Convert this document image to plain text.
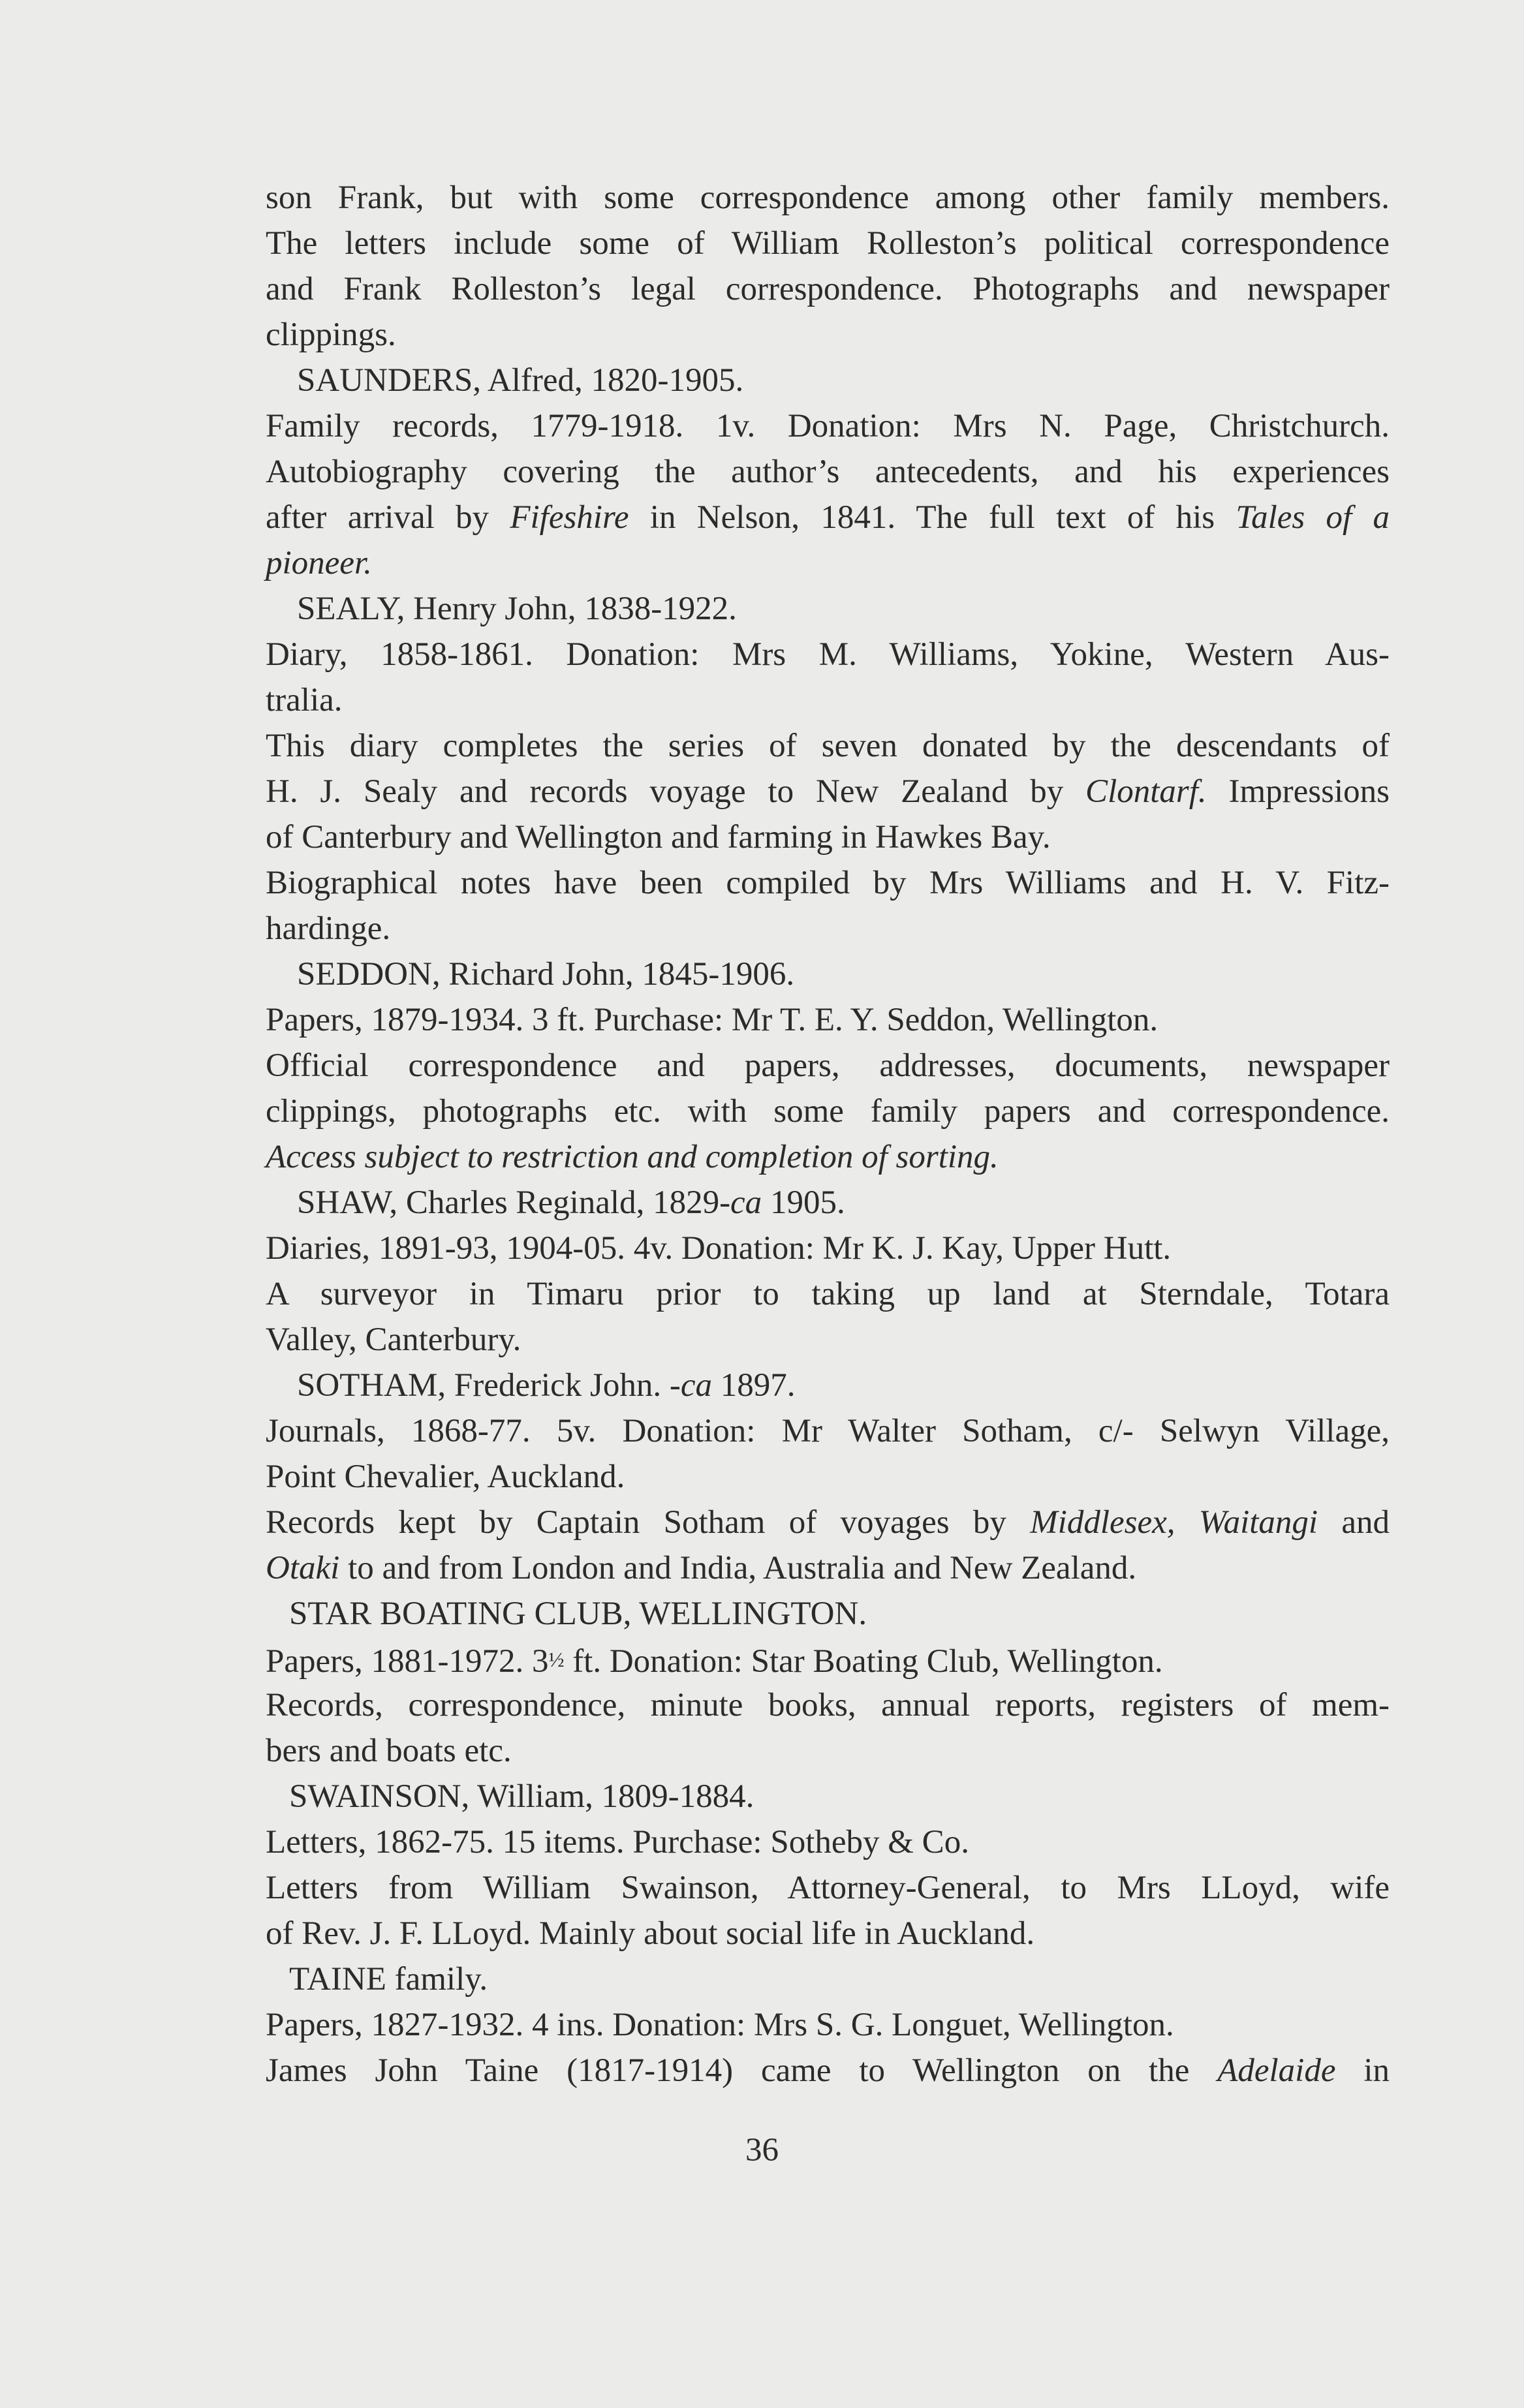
son Frank, but with some correspondence among other family members.
The letters include some of William Rolleston’s political correspondence
and Frank Rolleston’s legal correspondence. Photographs and newspaper
clippings.
SAUNDERS, Alfred, 1820-1905.
Family records, 1779-1918. 1v. Donation: Mrs N. Page, Christchurch.
Autobiography covering the author’s antecedents, and his experiences
after arrival by Fifeshire in Nelson, 1841. The full text of his Tales of a
pioneer.
SEALY, Henry John, 1838-1922.
Diary, 1858-1861. Donation: Mrs M. Williams, Yokine, Western Aus-
tralia.
This diary completes the series of seven donated by the descendants of
H. J. Sealy and records voyage to New Zealand by Clontarf. Impressions
of Canterbury and Wellington and farming in Hawkes Bay.
Biographical notes have been compiled by Mrs Williams and H. V. Fitz-
hardinge.
SEDDON, Richard John, 1845-1906.
Papers, 1879-1934. 3 ft. Purchase: Mr T. E. Y. Seddon, Wellington.
Official correspondence and papers, addresses, documents, newspaper
clippings, photographs etc. with some family papers and correspondence.
Access subject to restriction and completion of sorting.
SHAW, Charles Reginald, 1829-ca 1905.
Diaries, 1891-93, 1904-05. 4v. Donation: Mr K. J. Kay, Upper Hutt.
A surveyor in Timaru prior to taking up land at Sterndale, Totara
Valley, Canterbury.
SOTHAM, Frederick John. -ca 1897.
Journals, 1868-77. 5v. Donation: Mr Walter Sotham, c/- Selwyn Village,
Point Chevalier, Auckland.
Records kept by Captain Sotham of voyages by Middlesex, Waitangi and
Otaki to and from London and India, Australia and New Zealand.
STAR BOATING CLUB, WELLINGTON.
Papers, 1881-1972. 3½ ft. Donation: Star Boating Club, Wellington.
Records, correspondence, minute books, annual reports, registers of mem-
bers and boats etc.
SWAINSON, William, 1809-1884.
Letters, 1862-75. 15 items. Purchase: Sotheby & Co.
Letters from William Swainson, Attorney-General, to Mrs LLoyd, wife
of Rev. J. F. LLoyd. Mainly about social life in Auckland.
TAINE family.
Papers, 1827-1932. 4 ins. Donation: Mrs S. G. Longuet, Wellington.
James John Taine (1817-1914) came to Wellington on the Adelaide in
36
